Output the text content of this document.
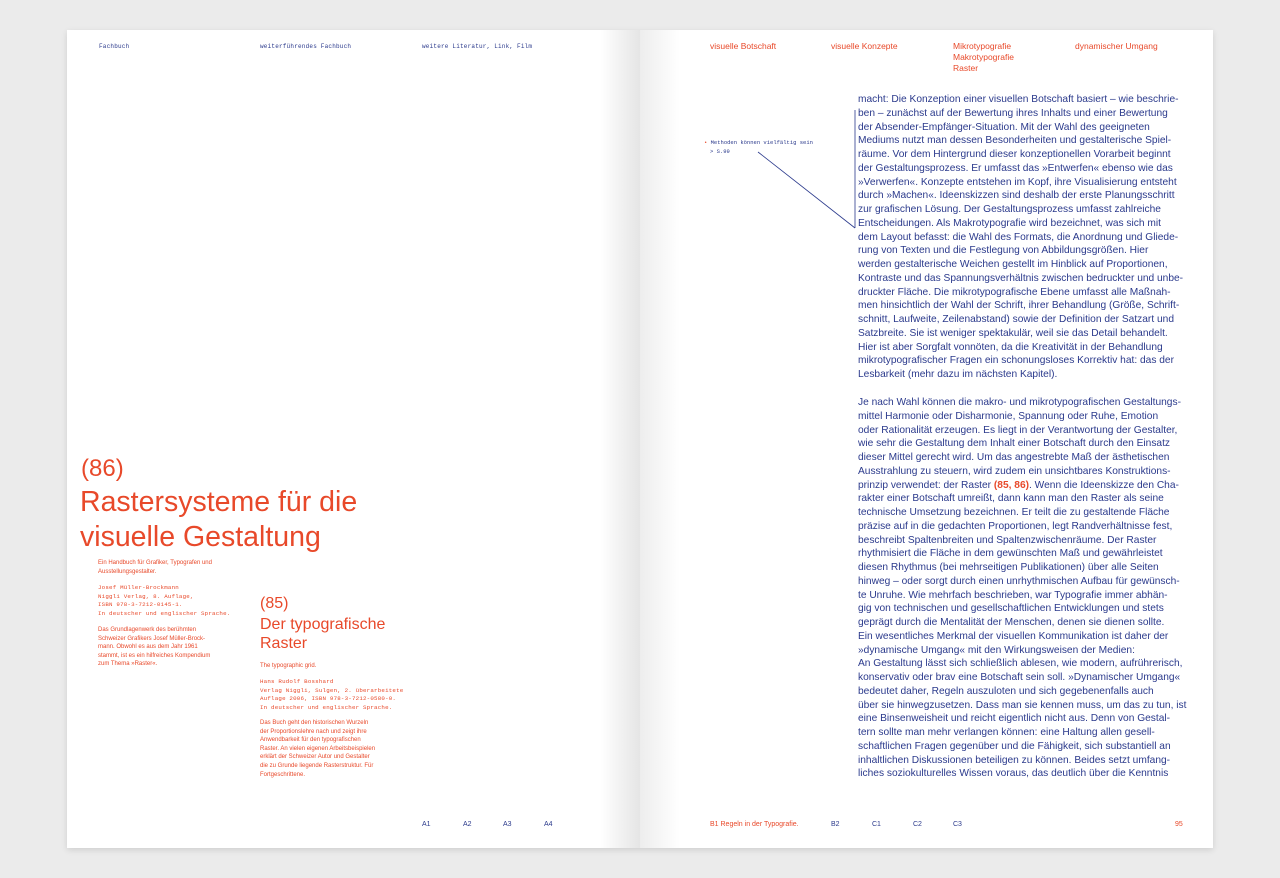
Fachbuch	weiterführendes Fachbuch	weitere Literatur, Link, Film
(86)
Rastersysteme für die
visuelle Gestaltung
Ein Handbuch für Grafiker, Typografen und
Ausstellungsgestalter.
Josef Müller-Brockmann
Niggli Verlag, 8. Auflage,
ISBN 978-3-7212-0145-1.
In deutscher und englischer Sprache.
Das Grundlagenwerk des berühmten
Schweizer Grafikers Josef Müller-Brock-
mann. Obwohl es aus dem Jahr 1961
stammt, ist es ein hilfreiches Kompendium
zum Thema »Raster«.
(85)
Der typografische
Raster
The typographic grid.
Hans Rudolf Bosshard
Verlag Niggli, Sulgen, 2. überarbeitete
Auflage 2006, ISBN 978-3-7212-0580-0.
In deutscher und englischer Sprache.
Das Buch geht den historischen Wurzeln
der Proportionslehre nach und zeigt ihre
Anwendbarkeit für den typografischen
Raster. An vielen eigenen Arbeitsbeispielen
erklärt der Schweizer Autor und Gestalter
die zu Grunde liegende Rasterstruktur. Für
Fortgeschrittene.
A1	A2	A3	A4
visuelle Botschaft	visuelle Konzepte	Mikrotypografie
Makrotypografie
Raster
dynamischer Umgang
• Methoden können vielfältig sein
> S.99

macht: Die Konzeption einer visuellen Botschaft basiert – wie beschrie-

ben – zunächst auf der Bewertung ihres Inhalts und einer Bewertung

der Absender-Empfänger-Situation. Mit der Wahl des geeigneten

Mediums nutzt man dessen Besonderheiten und gestalterische Spiel-

räume. Vor dem Hintergrund dieser konzeptionellen Vorarbeit beginnt

der Gestaltungsprozess. Er umfasst das »Entwerfen« ebenso wie das

»Verwerfen«. Konzepte entstehen im Kopf, ihre Visualisierung entsteht

durch »Machen«. Ideenskizzen sind deshalb der erste Planungsschritt

zur grafischen Lösung. Der Gestaltungsprozess umfasst zahlreiche

Entscheidungen. Als Makrotypografie wird bezeichnet, was sich mit

dem Layout befasst: die Wahl des Formats, die Anordnung und Gliede-

rung von Texten und die Festlegung von Abbildungsgrößen. Hier

werden gestalterische Weichen gestellt im Hinblick auf Proportionen,

Kontraste und das Spannungsverhältnis zwischen bedruckter und unbe-

druckter Fläche. Die mikrotypografische Ebene umfasst alle Maßnah-

men hinsichtlich der Wahl der Schrift, ihrer Behandlung (Größe, Schrift-

schnitt, Laufweite, Zeilenabstand) sowie der Definition der Satzart und

Satzbreite. Sie ist weniger spektakulär, weil sie das Detail behandelt.

Hier ist aber Sorgfalt vonnöten, da die Kreativität in der Behandlung

mikrotypografischer Fragen ein schonungsloses Korrektiv hat: das der

Lesbarkeit (mehr dazu im nächsten Kapitel).

Je nach Wahl können die makro- und mikrotypografischen Gestaltungs-

mittel Harmonie oder Disharmonie, Spannung oder Ruhe, Emotion

oder Rationalität erzeugen. Es liegt in der Verantwortung der Gestalter,

wie sehr die Gestaltung dem Inhalt einer Botschaft durch den Einsatz

dieser Mittel gerecht wird. Um das angestrebte Maß der ästhetischen

Ausstrahlung zu steuern, wird zudem ein unsichtbares Konstruktions-

prinzip verwendet: der Raster (85, 86). Wenn die Ideenskizze den Cha-

rakter einer Botschaft umreißt, dann kann man den Raster als seine

technische Umsetzung bezeichnen. Er teilt die zu gestaltende Fläche

präzise auf in die gedachten Proportionen, legt Randverhältnisse fest,

beschreibt Spaltenbreiten und Spaltenzwischenräume. Der Raster

rhythmisiert die Fläche in dem gewünschten Maß und gewährleistet

diesen Rhythmus (bei mehrseitigen Publikationen) über alle Seiten

hinweg – oder sorgt durch einen unrhythmischen Aufbau für gewünsch-

te Unruhe. Wie mehrfach beschrieben, war Typografie immer abhän-

gig von technischen und gesellschaftlichen Entwicklungen und stets

geprägt durch die Mentalität der Menschen, denen sie dienen sollte.

Ein wesentliches Merkmal der visuellen Kommunikation ist daher der

»dynamische Umgang« mit den Wirkungsweisen der Medien:

An Gestaltung lässt sich schließlich ablesen, wie modern, aufrührerisch,

konservativ oder brav eine Botschaft sein soll. »Dynamischer Umgang«

bedeutet daher, Regeln auszuloten und sich gegebenenfalls auch

über sie hinwegzusetzen. Dass man sie kennen muss, um das zu tun, ist

eine Binsenweisheit und reicht eigentlich nicht aus. Denn von Gestal-

tern sollte man mehr verlangen können: eine Haltung allen gesell-

schaftlichen Fragen gegenüber und die Fähigkeit, sich substantiell an

inhaltlichen Diskussionen beteiligen zu können. Beides setzt umfang-

liches soziokulturelles Wissen voraus, das deutlich über die Kenntnis

B1 Regeln in der Typografie.	B2	C1	C2	C3	95
